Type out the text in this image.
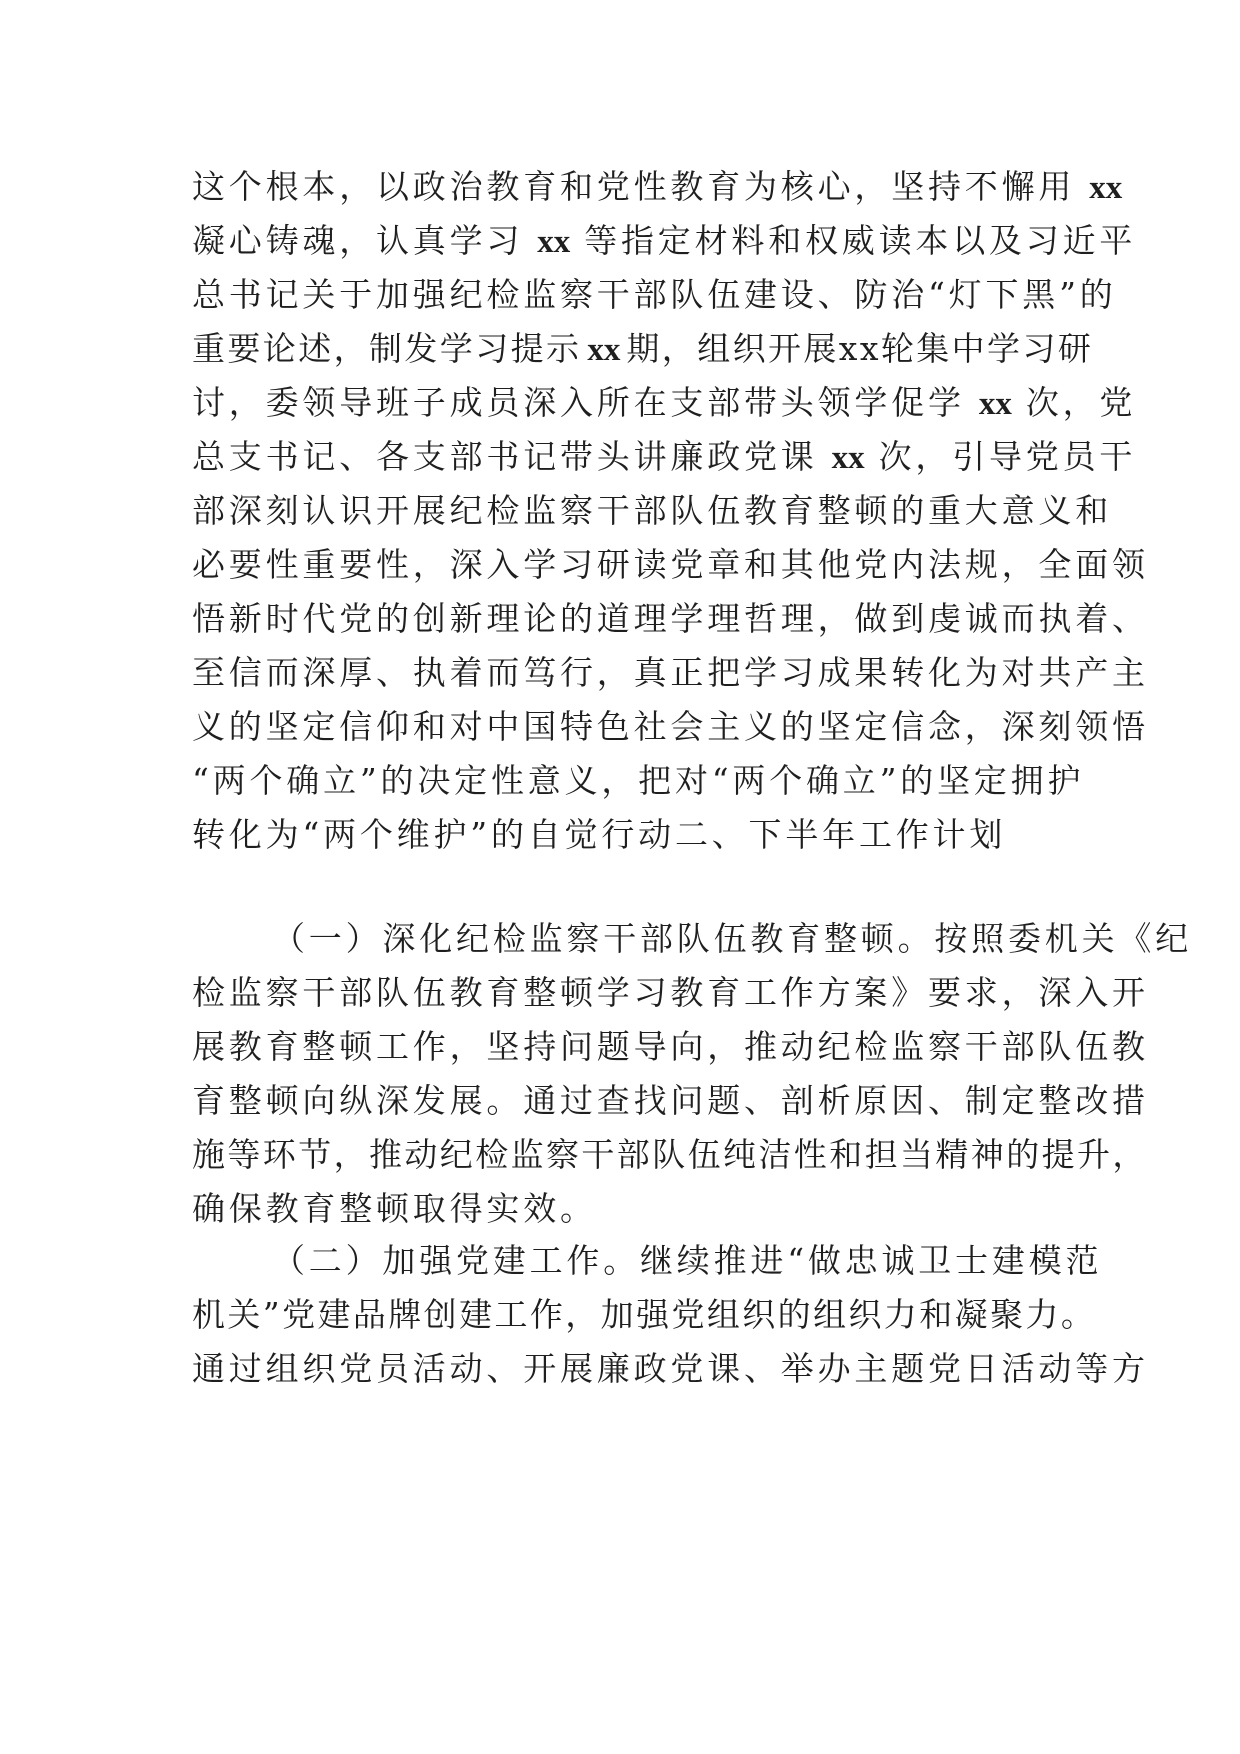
这个根本，以政治教育和党性教育为核心，坚持不懈用 xx
凝心铸魂，认真学习 xx 等指定材料和权威读本以及习近平
总书记关于加强纪检监察干部队伍建设、防治“灯下黑”的
重要论述，制发学习提示 xx 期，组织开展xx轮集中学习研
讨，委领导班子成员深入所在支部带头领学促学 xx 次，党
总支书记、各支部书记带头讲廉政党课 xx 次，引导党员干
部深刻认识开展纪检监察干部队伍教育整顿的重大意义和
必要性重要性，深入学习研读党章和其他党内法规，全面领
悟新时代党的创新理论的道理学理哲理，做到虔诚而执着、
至信而深厚、执着而笃行，真正把学习成果转化为对共产主
义的坚定信仰和对中国特色社会主义的坚定信念，深刻领悟
“两个确立”的决定性意义，把对“两个确立”的坚定拥护
转化为“两个维护”的自觉行动二、下半年工作计划
（一）深化纪检监察干部队伍教育整顿。按照委机关《纪
检监察干部队伍教育整顿学习教育工作方案》要求，深入开
展教育整顿工作，坚持问题导向，推动纪检监察干部队伍教
育整顿向纵深发展。通过查找问题、剖析原因、制定整改措
施等环节，推动纪检监察干部队伍纯洁性和担当精神的提升，
确保教育整顿取得实效。
（二）加强党建工作。继续推进“做忠诚卫士建模范
机关”党建品牌创建工作，加强党组织的组织力和凝聚力。
通过组织党员活动、开展廉政党课、举办主题党日活动等方
